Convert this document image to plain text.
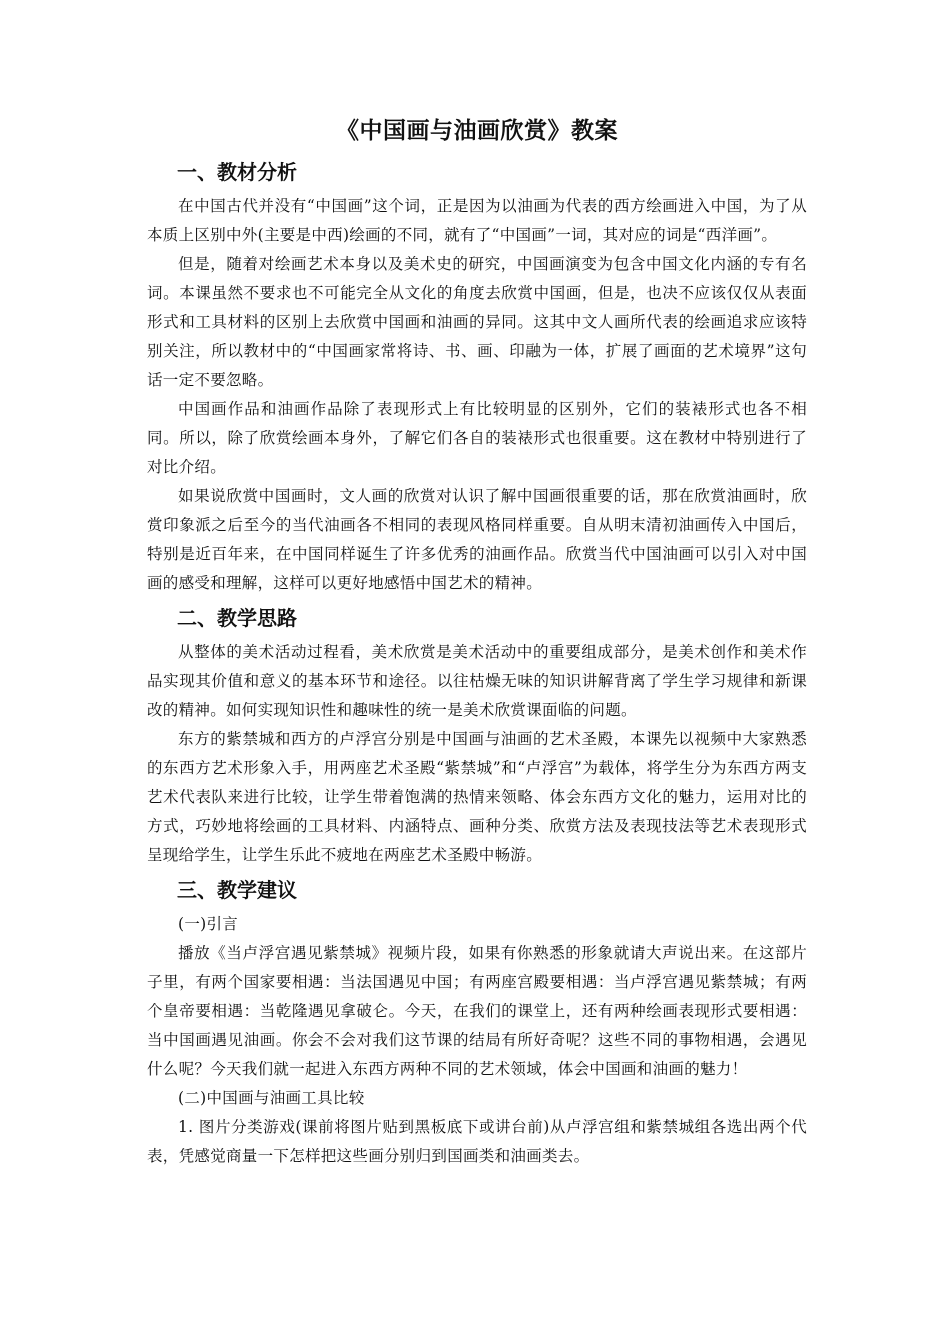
《中国画与油画欣赏》教案
一、教材分析

在中国古代并没有“中国画”这个词，正是因为以油画为代表的西方绘画进入中国，为了从本质上区别中外(主要是中西)绘画的不同，就有了“中国画”一词，其对应的词是“西洋画”。

但是，随着对绘画艺术本身以及美术史的研究，中国画演变为包含中国文化内涵的专有名词。本课虽然不要求也不可能完全从文化的角度去欣赏中国画，但是，也决不应该仅仅从表面形式和工具材料的区别上去欣赏中国画和油画的异同。这其中文人画所代表的绘画追求应该特别关注，所以教材中的“中国画家常将诗、书、画、印融为一体，扩展了画面的艺术境界”这句话一定不要忽略。

中国画作品和油画作品除了表现形式上有比较明显的区别外，它们的装裱形式也各不相同。所以，除了欣赏绘画本身外，了解它们各自的装裱形式也很重要。这在教材中特别进行了对比介绍。

如果说欣赏中国画时，文人画的欣赏对认识了解中国画很重要的话，那在欣赏油画时，欣赏印象派之后至今的当代油画各不相同的表现风格同样重要。自从明末清初油画传入中国后，特别是近百年来，在中国同样诞生了许多优秀的油画作品。欣赏当代中国油画可以引入对中国画的感受和理解，这样可以更好地感悟中国艺术的精神。

二、教学思路

从整体的美术活动过程看，美术欣赏是美术活动中的重要组成部分，是美术创作和美术作品实现其价值和意义的基本环节和途径。以往枯燥无味的知识讲解背离了学生学习规律和新课改的精神。如何实现知识性和趣味性的统一是美术欣赏课面临的问题。

东方的紫禁城和西方的卢浮宫分别是中国画与油画的艺术圣殿，本课先以视频中大家熟悉的东西方艺术形象入手，用两座艺术圣殿“紫禁城”和“卢浮宫”为载体，将学生分为东西方两支艺术代表队来进行比较，让学生带着饱满的热情来领略、体会东西方文化的魅力，运用对比的方式，巧妙地将绘画的工具材料、内涵特点、画种分类、欣赏方法及表现技法等艺术表现形式呈现给学生，让学生乐此不疲地在两座艺术圣殿中畅游。

三、教学建议

(一)引言

播放《当卢浮宫遇见紫禁城》视频片段，如果有你熟悉的形象就请大声说出来。在这部片子里，有两个国家要相遇：当法国遇见中国；有两座宫殿要相遇：当卢浮宫遇见紫禁城；有两个皇帝要相遇：当乾隆遇见拿破仑。今天，在我们的课堂上，还有两种绘画表现形式要相遇：当中国画遇见油画。你会不会对我们这节课的结局有所好奇呢？这些不同的事物相遇，会遇见什么呢？今天我们就一起进入东西方两种不同的艺术领域，体会中国画和油画的魅力！

(二)中国画与油画工具比较

1. 图片分类游戏(课前将图片贴到黑板底下或讲台前)从卢浮宫组和紫禁城组各选出两个代表，凭感觉商量一下怎样把这些画分别归到国画类和油画类去。
